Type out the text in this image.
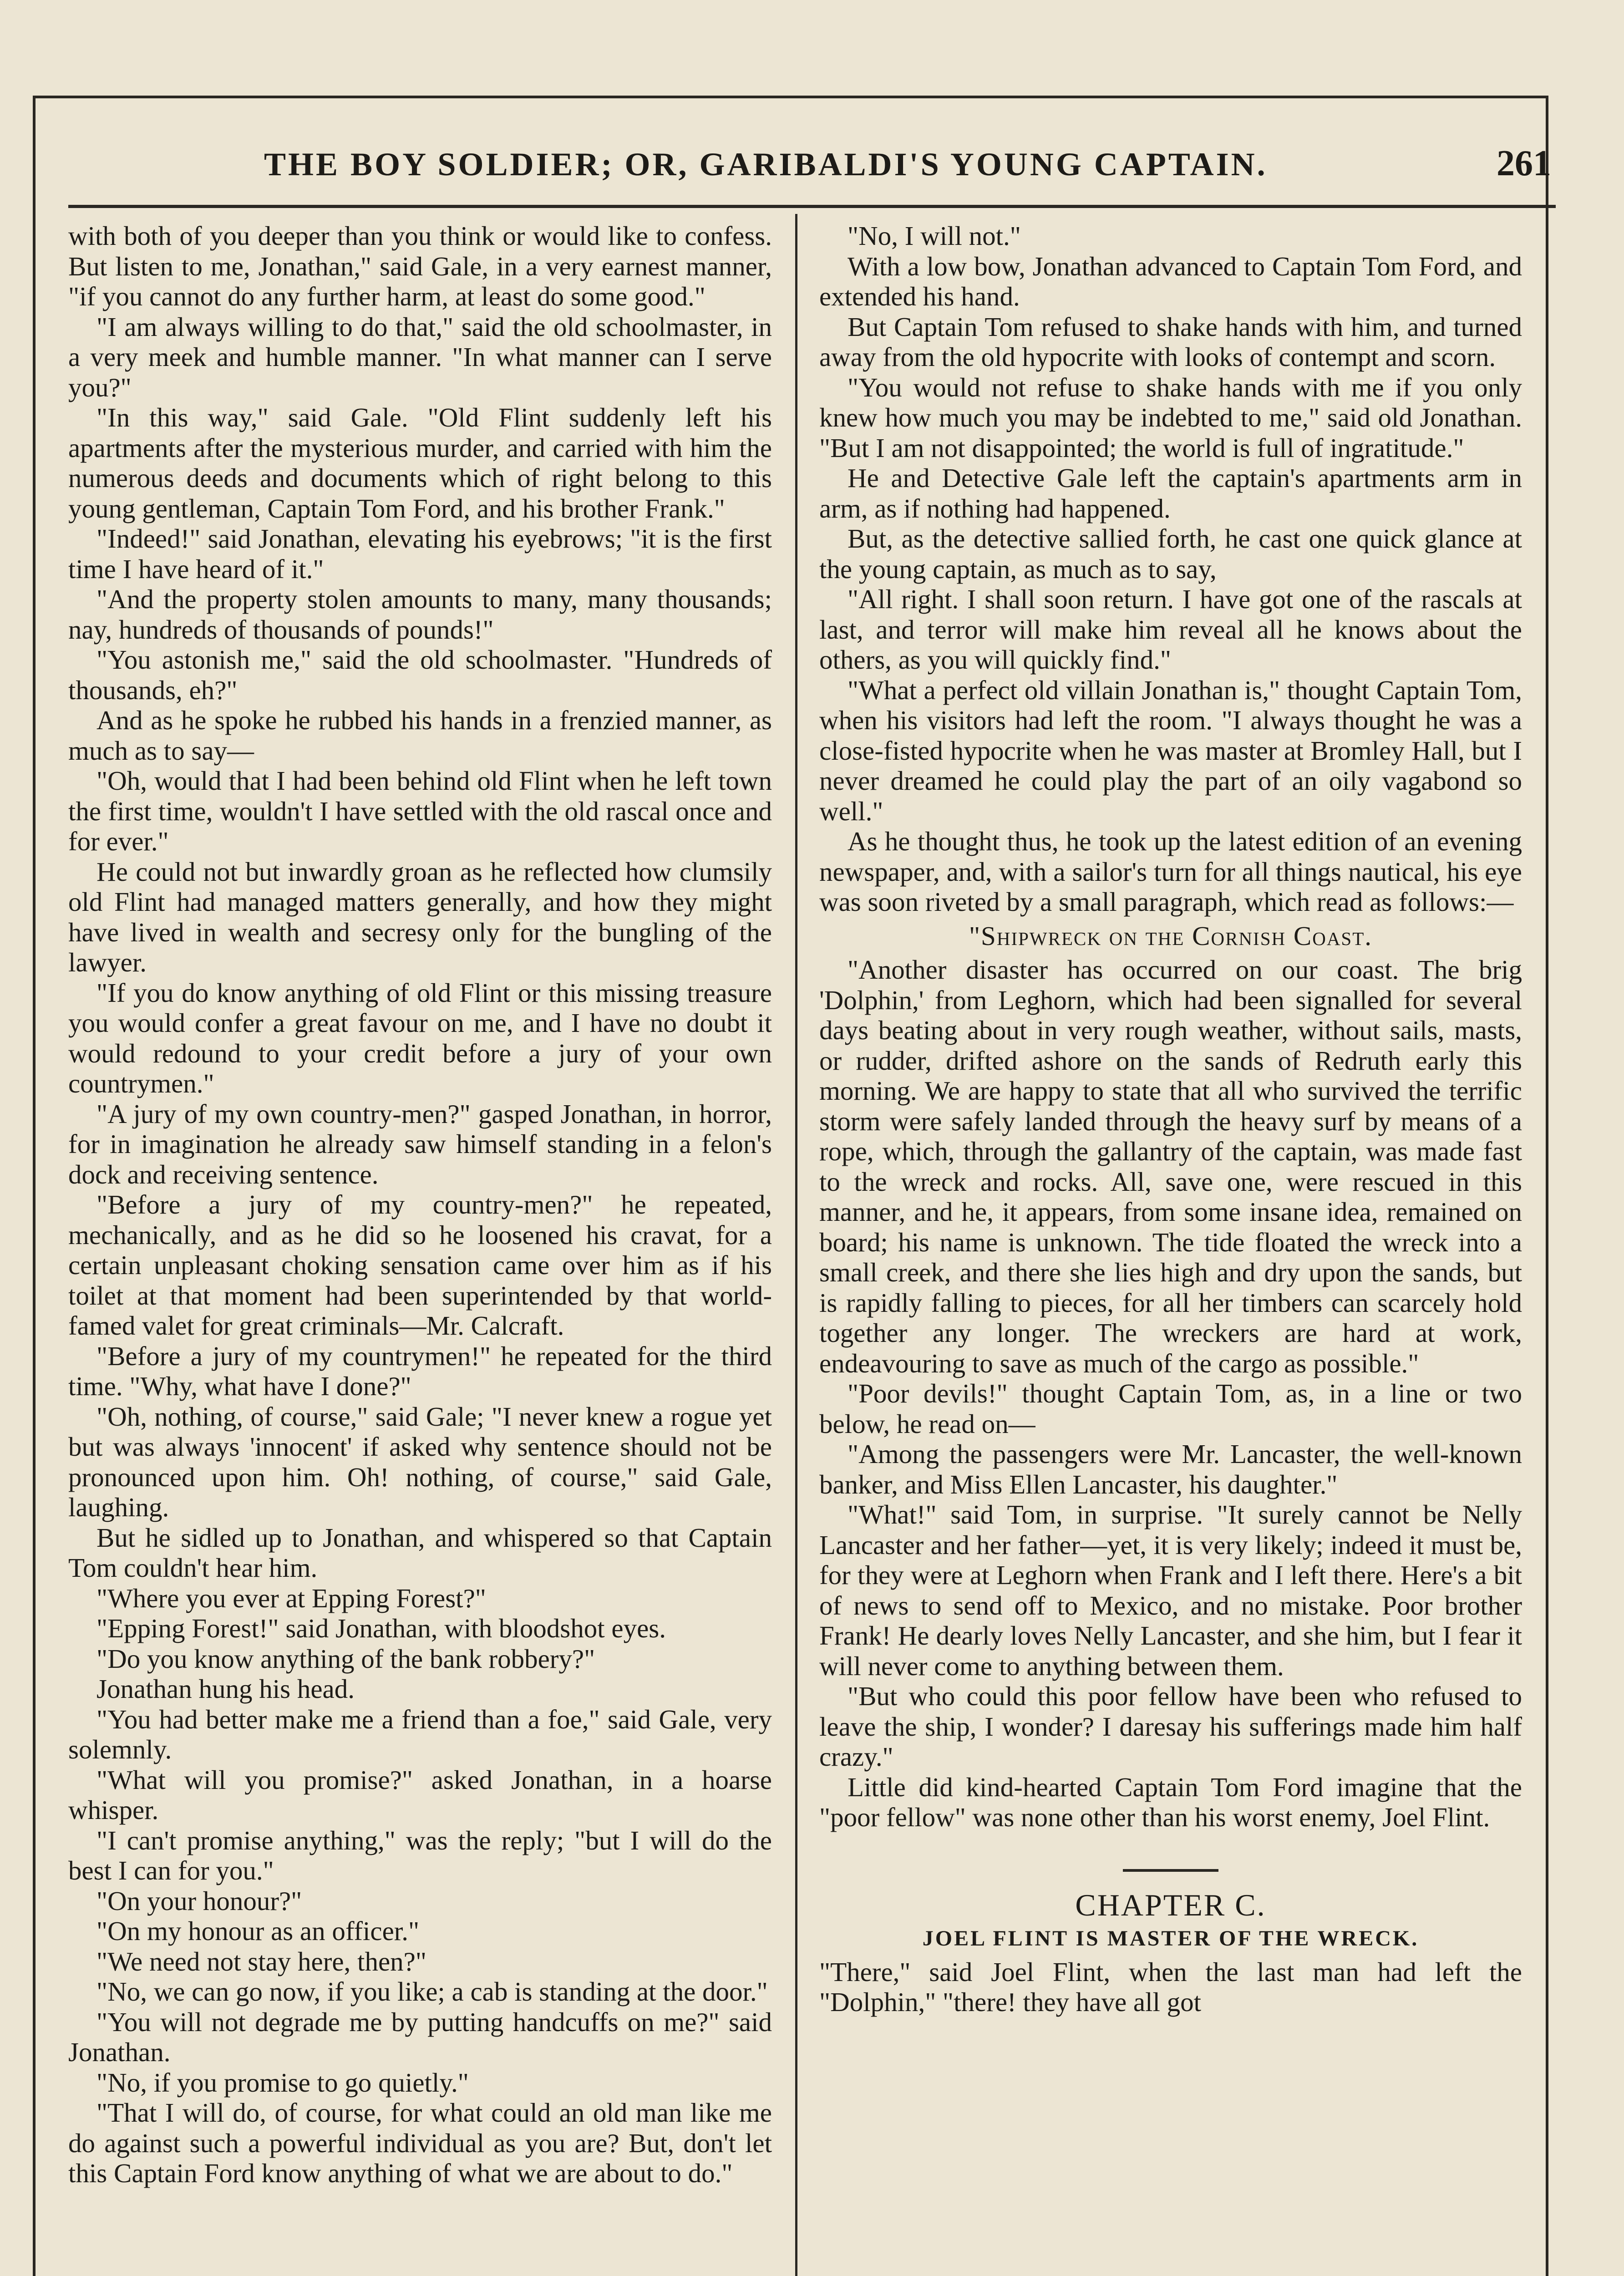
THE BOY SOLDIER; OR, GARIBALDI'S YOUNG CAPTAIN.	261

with both of you deeper than you think or would like to confess. But listen to me, Jonathan," said Gale, in a very earnest manner, "if you cannot do any further harm, at least do some good."

"I am always willing to do that," said the old schoolmaster, in a very meek and humble manner. "In what manner can I serve you?"

"In this way," said Gale. "Old Flint suddenly left his apartments after the mysterious murder, and carried with him the numerous deeds and documents which of right belong to this young gentleman, Captain Tom Ford, and his brother Frank."

"Indeed!" said Jonathan, elevating his eyebrows; "it is the first time I have heard of it."

"And the property stolen amounts to many, many thousands; nay, hundreds of thousands of pounds!"

"You astonish me," said the old schoolmaster. "Hundreds of thousands, eh?"

And as he spoke he rubbed his hands in a frenzied manner, as much as to say—

"Oh, would that I had been behind old Flint when he left town the first time, wouldn't I have settled with the old rascal once and for ever."

He could not but inwardly groan as he reflected how clumsily old Flint had managed matters generally, and how they might have lived in wealth and secresy only for the bungling of the lawyer.

"If you do know anything of old Flint or this missing treasure you would confer a great favour on me, and I have no doubt it would redound to your credit before a jury of your own countrymen."

"A jury of my own country-men?" gasped Jonathan, in horror, for in imagination he already saw himself standing in a felon's dock and receiving sentence.

"Before a jury of my country-men?" he repeated, mechanically, and as he did so he loosened his cravat, for a certain unpleasant choking sensation came over him as if his toilet at that moment had been superintended by that world-famed valet for great criminals—Mr. Calcraft.

"Before a jury of my countrymen!" he repeated for the third time. "Why, what have I done?"

"Oh, nothing, of course," said Gale; "I never knew a rogue yet but was always 'innocent' if asked why sentence should not be pronounced upon him. Oh! nothing, of course," said Gale, laughing.

But he sidled up to Jonathan, and whispered so that Captain Tom couldn't hear him.

"Where you ever at Epping Forest?"

"Epping Forest!" said Jonathan, with bloodshot eyes.

"Do you know anything of the bank robbery?"

Jonathan hung his head.

"You had better make me a friend than a foe," said Gale, very solemnly.

"What will you promise?" asked Jonathan, in a hoarse whisper.

"I can't promise anything," was the reply; "but I will do the best I can for you."

"On your honour?"

"On my honour as an officer."

"We need not stay here, then?"

"No, we can go now, if you like; a cab is standing at the door."

"You will not degrade me by putting handcuffs on me?" said Jonathan.

"No, if you promise to go quietly."

"That I will do, of course, for what could an old man like me do against such a powerful individual as you are? But, don't let this Captain Ford know anything of what we are about to do."

"No, I will not."

With a low bow, Jonathan advanced to Captain Tom Ford, and extended his hand.

But Captain Tom refused to shake hands with him, and turned away from the old hypocrite with looks of contempt and scorn.

"You would not refuse to shake hands with me if you only knew how much you may be indebted to me," said old Jonathan. "But I am not disappointed; the world is full of ingratitude."

He and Detective Gale left the captain's apartments arm in arm, as if nothing had happened.

But, as the detective sallied forth, he cast one quick glance at the young captain, as much as to say,

"All right. I shall soon return. I have got one of the rascals at last, and terror will make him reveal all he knows about the others, as you will quickly find."

"What a perfect old villain Jonathan is," thought Captain Tom, when his visitors had left the room. "I always thought he was a close-fisted hypocrite when he was master at Bromley Hall, but I never dreamed he could play the part of an oily vagabond so well."

As he thought thus, he took up the latest edition of an evening newspaper, and, with a sailor's turn for all things nautical, his eye was soon riveted by a small paragraph, which read as follows:—

"Shipwreck on the Cornish Coast.

"Another disaster has occurred on our coast. The brig 'Dolphin,' from Leghorn, which had been signalled for several days beating about in very rough weather, without sails, masts, or rudder, drifted ashore on the sands of Redruth early this morning. We are happy to state that all who survived the terrific storm were safely landed through the heavy surf by means of a rope, which, through the gallantry of the captain, was made fast to the wreck and rocks. All, save one, were rescued in this manner, and he, it appears, from some insane idea, remained on board; his name is unknown. The tide floated the wreck into a small creek, and there she lies high and dry upon the sands, but is rapidly falling to pieces, for all her timbers can scarcely hold together any longer. The wreckers are hard at work, endeavouring to save as much of the cargo as possible."

"Poor devils!" thought Captain Tom, as, in a line or two below, he read on—

"Among the passengers were Mr. Lancaster, the well-known banker, and Miss Ellen Lancaster, his daughter."

"What!" said Tom, in surprise. "It surely cannot be Nelly Lancaster and her father—yet, it is very likely; indeed it must be, for they were at Leghorn when Frank and I left there. Here's a bit of news to send off to Mexico, and no mistake. Poor brother Frank! He dearly loves Nelly Lancaster, and she him, but I fear it will never come to anything between them.

"But who could this poor fellow have been who refused to leave the ship, I wonder? I daresay his sufferings made him half crazy."

Little did kind-hearted Captain Tom Ford imagine that the "poor fellow" was none other than his worst enemy, Joel Flint.

CHAPTER C.

JOEL FLINT IS MASTER OF THE WRECK.

"There," said Joel Flint, when the last man had left the "Dolphin," "there! they have all got
